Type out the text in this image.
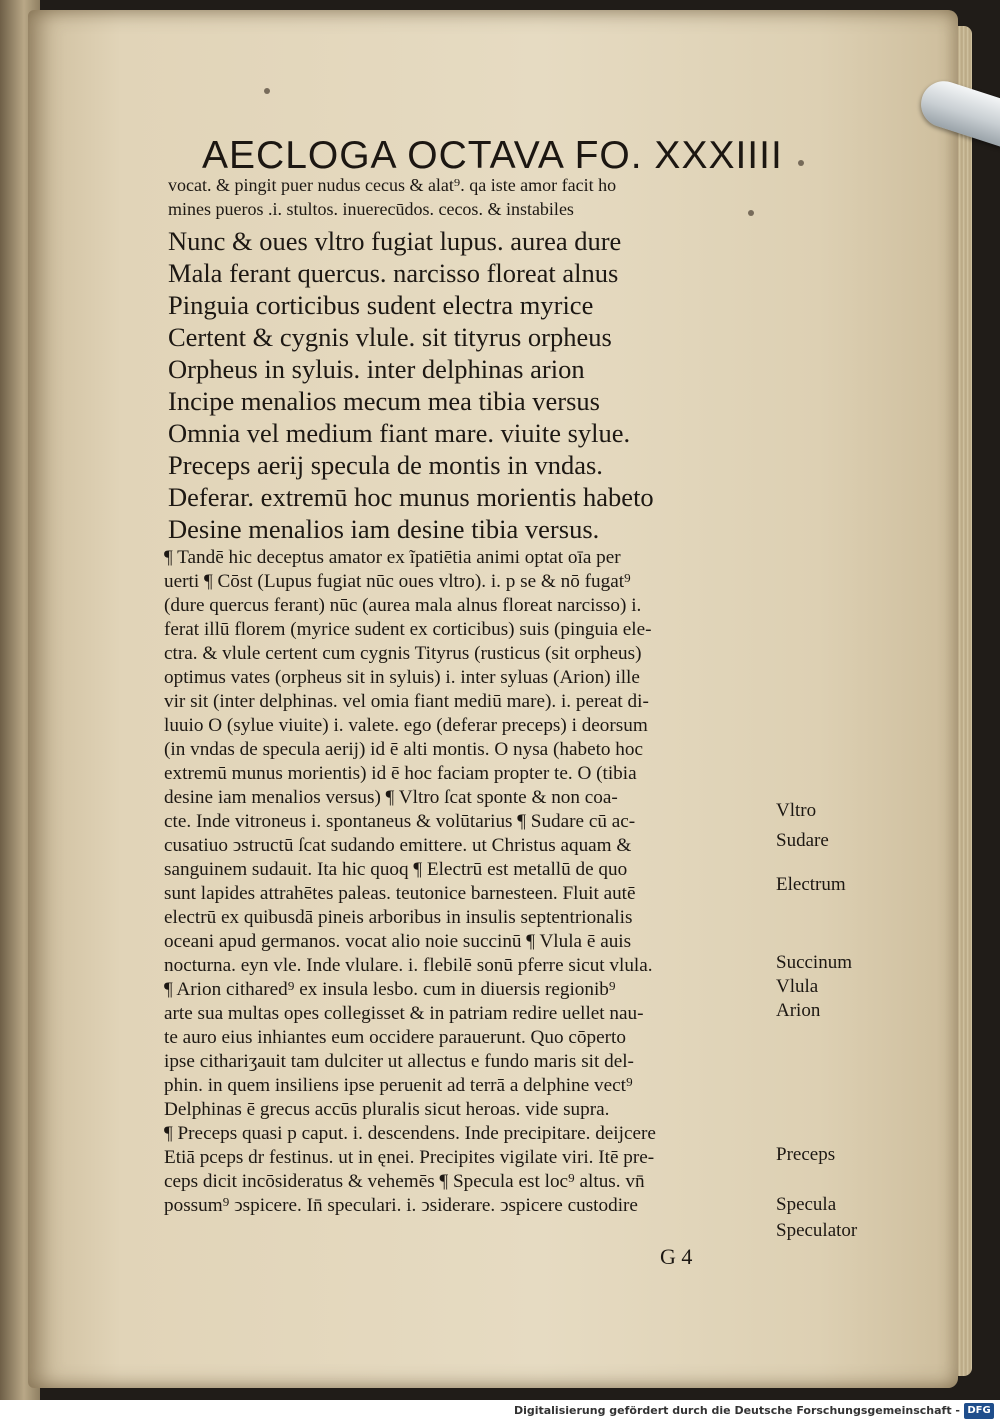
AECLOGA OCTAVA FO. XXXIIII
vocat. & pingit puer nudus cecus & alat⁹. qa iste amor facit ho
mines pueros .i. stultos. inuerecūdos. cecos. & instabiles
Nunc & oues vltro fugiat lupus. aurea dure
Mala ferant quercus. narcisso floreat alnus
Pinguia corticibus sudent electra myrice
Certent & cygnis vlule. sit tityrus orpheus
Orpheus in syluis. inter delphinas arion
Incipe menalios mecum mea tibia versus
Omnia vel medium fiant mare. viuite sylue.
Preceps aerij specula de montis in vndas.
Deferar. extremū hoc munus morientis habeto
Desine menalios iam desine tibia versus.
¶ Tandē hic deceptus amator ex ĩpatiētia animi optat oīa per
uerti ¶ Cōst (Lupus fugiat nūc oues vltro). i. p se & nō fugat⁹
(dure quercus ferant) nūc (aurea mala alnus floreat narcisso) i.
ferat illū florem (myrice sudent ex corticibus) suis (pinguia ele-
ctra. & vlule certent cum cygnis Tityrus (rusticus (sit orpheus)
optimus vates (orpheus sit in syluis) i. inter syluas (Arion) ille
vir sit (inter delphinas. vel omia fiant mediū mare). i. pereat di-
luuio O (sylue viuite) i. valete. ego (deferar preceps) i deorsum
(in vndas de specula aerij) id ē alti montis. O nysa (habeto hoc
extremū munus morientis) id ē hoc faciam propter te. O (tibia
desine iam menalios versus) ¶ Vltro ſcat sponte & non coa-
cte. Inde vitroneus i. spontaneus & volūtarius ¶ Sudare cū ac-
cusatiuo ↄstructū ſcat sudando emittere. ut Christus aquam &
sanguinem sudauit. Ita hic quoq ¶ Electrū est metallū de quo
sunt lapides attrahētes paleas. teutonice barnesteen. Fluit autē
electrū ex quibusdā pineis arboribus in insulis septentrionalis
oceani apud germanos. vocat alio noie succinū ¶ Vlula ē auis
nocturna. eyn vle. Inde vlulare. i. flebilē sonū pferre sicut vlula.
¶ Arion cithared⁹ ex insula lesbo. cum in diuersis regionib⁹
arte sua multas opes collegisset & in patriam redire uellet nau-
te auro eius inhiantes eum occidere parauerunt. Quo cōperto
ipse cithariʒauit tam dulciter ut allectus e fundo maris sit del-
phin. in quem insiliens ipse peruenit ad terrā a delphine vect⁹
Delphinas ē grecus accūs pluralis sicut heroas. vide supra.
¶ Preceps quasi p caput. i. descendens. Inde precipitare. deijcere
Etiā pceps dr festinus. ut in ęnei. Precipites vigilate viri. Itē pre-
ceps dicit incōsideratus & vehemēs ¶ Specula est loc⁹ altus. vn̄
possum⁹ ↄspicere. In̄ speculari. i. ↄsiderare. ↄspicere custodire
Vltro
Sudare
Electrum
Succinum
Vlula
Arion
Preceps
Specula
Speculator
G 4
Digitalisierung gefördert durch die Deutsche Forschungsgemeinschaft - DFG
